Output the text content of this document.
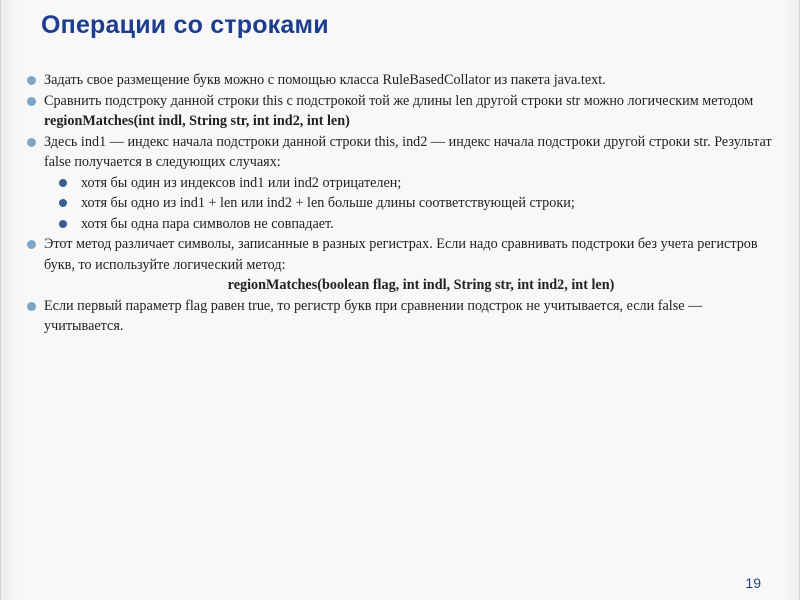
Операции со строками
Задать свое размещение букв можно с помощью класса RuleBasedCollator из пакета java.text.
Сравнить подстроку данной строки this с подстрокой той же длины len другой строки str можно логическим методом regionMatches(int indl, String str, int ind2, int len)
Здесь ind1 — индекс начала подстроки данной строки this, ind2 — индекс начала подстроки другой строки str. Результат false получается в следующих случаях:
хотя бы один из индексов ind1 или ind2 отрицателен;
хотя бы одно из ind1 + len или ind2 + len больше длины соответствующей строки;
хотя бы одна пара символов не совпадает.
Этот метод различает символы, записанные в разных регистрах. Если надо сравнивать подстроки без учета регистров букв, то используйте логический метод:
regionMatches(boolean flag, int indl, String str, int ind2, int len)
Если первый параметр flag равен true, то регистр букв при сравнении подстрок не учитывается, если false — учитывается.
19
